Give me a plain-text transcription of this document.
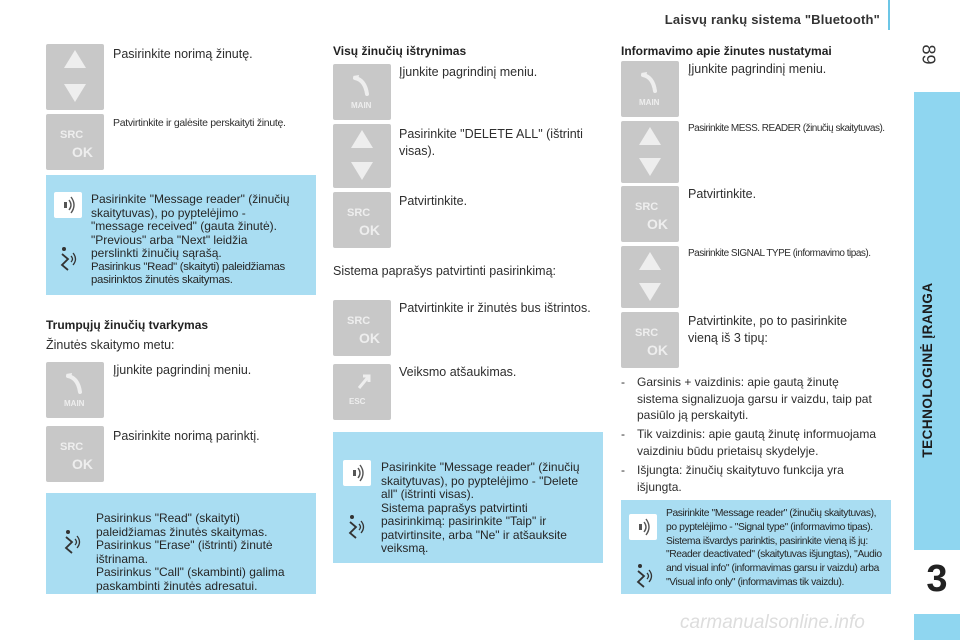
Laisvų rankų sistema "Bluetooth"
89
TECHNOLOGINĖ ĮRANGA
3
Pasirinkite norimą žinutę.
SRC
OK
Patvirtinkite ir galėsite perskaityti žinutę.
Pasirinkite "Message reader" (žinučių
skaitytuvas), po pyptelėjimo -
"message received" (gauta žinutė).
"Previous" arba "Next" leidžia
perslinkti žinučių sąrašą.
Pasirinkus "Read" (skaityti) paleidžiamas
pasirinktos žinutės skaitymas.
Trumpųjų žinučių tvarkymas
Žinutės skaitymo metu:
MAIN
Įjunkite pagrindinį meniu.
SRC
OK
Pasirinkite norimą parinktį.
Pasirinkus "Read" (skaityti)
paleidžiamas žinutės skaitymas.
Pasirinkus "Erase" (ištrinti) žinutė
ištrinama.
Pasirinkus "Call" (skambinti) galima
paskambinti žinutės adresatui.
Visų žinučių ištrynimas
MAIN
Įjunkite pagrindinį meniu.
Pasirinkite "DELETE ALL" (ištrinti
visas).
SRC
OK
Patvirtinkite.
Sistema paprašys patvirtinti pasirinkimą:
SRC
OK
Patvirtinkite ir žinutės bus ištrintos.
ESC
Veiksmo atšaukimas.
Pasirinkite "Message reader" (žinučių
skaitytuvas), po pyptelėjimo - "Delete
all" (ištrinti visas).
Sistema paprašys patvirtinti
pasirinkimą: pasirinkite "Taip" ir
patvirtinsite, arba "Ne" ir atšauksite
veiksmą.
Informavimo apie žinutes nustatymai
MAIN
Įjunkite pagrindinį meniu.
Pasirinkite MESS. READER (žinučių skaitytuvas).
SRC
OK
Patvirtinkite.
Pasirinkite SIGNAL TYPE (informavimo tipas).
SRC
OK
Patvirtinkite, po to pasirinkite
vieną iš 3 tipų:
- Garsinis + vaizdinis: apie gautą žinutę
sistema signalizuoja garsu ir vaizdu, taip pat
pasiūlo ją perskaityti.
- Tik vaizdinis: apie gautą žinutę informuojama
vaizdiniu būdu prietaisų skydelyje.
- Išjungta: žinučių skaitytuvo funkcija yra
išjungta.
Pasirinkite "Message reader" (žinučių skaitytuvas),
po pyptelėjimo - "Signal type" (informavimo tipas).
Sistema išvardys parinktis, pasirinkite vieną iš jų:
"Reader deactivated" (skaitytuvas išjungtas), "Audio
and visual info" (informavimas garsu ir vaizdu) arba
"Visual info only" (informavimas tik vaizdu).
carmanualsonline.info
